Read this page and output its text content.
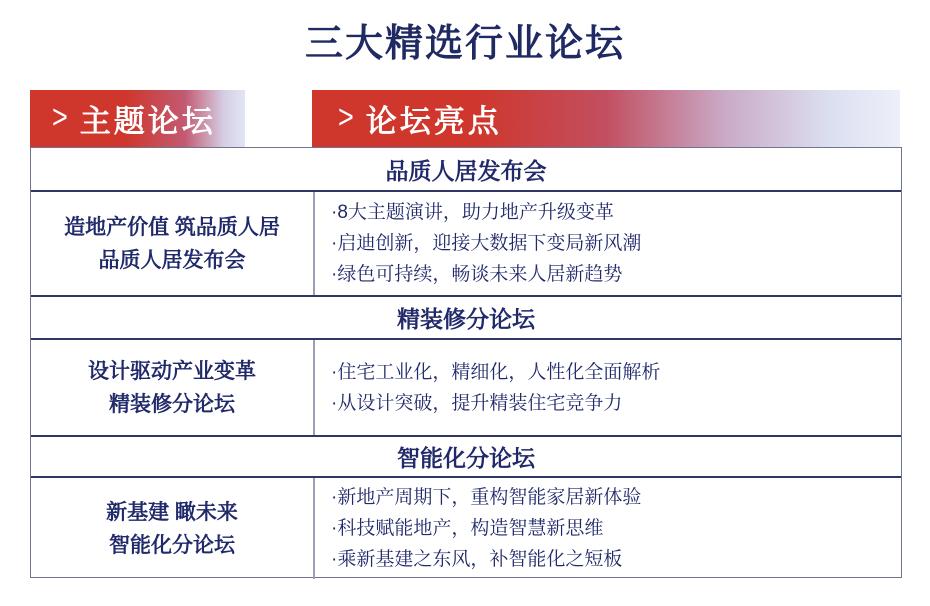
三大精选行业论坛
> 主题论坛	> 论坛亮点
品质人居发布会
造地产价值 筑品质人居
品质人居发布会
·8大主题演讲，助力地产升级变革
·启迪创新，迎接大数据下变局新风潮
·绿色可持续，畅谈未来人居新趋势
精装修分论坛
设计驱动产业变革
精装修分论坛
·住宅工业化，精细化，人性化全面解析
·从设计突破，提升精装住宅竞争力
智能化分论坛
新基建 瞰未来
智能化分论坛
·新地产周期下，重构智能家居新体验
·科技赋能地产，构造智慧新思维
·乘新基建之东风，补智能化之短板
